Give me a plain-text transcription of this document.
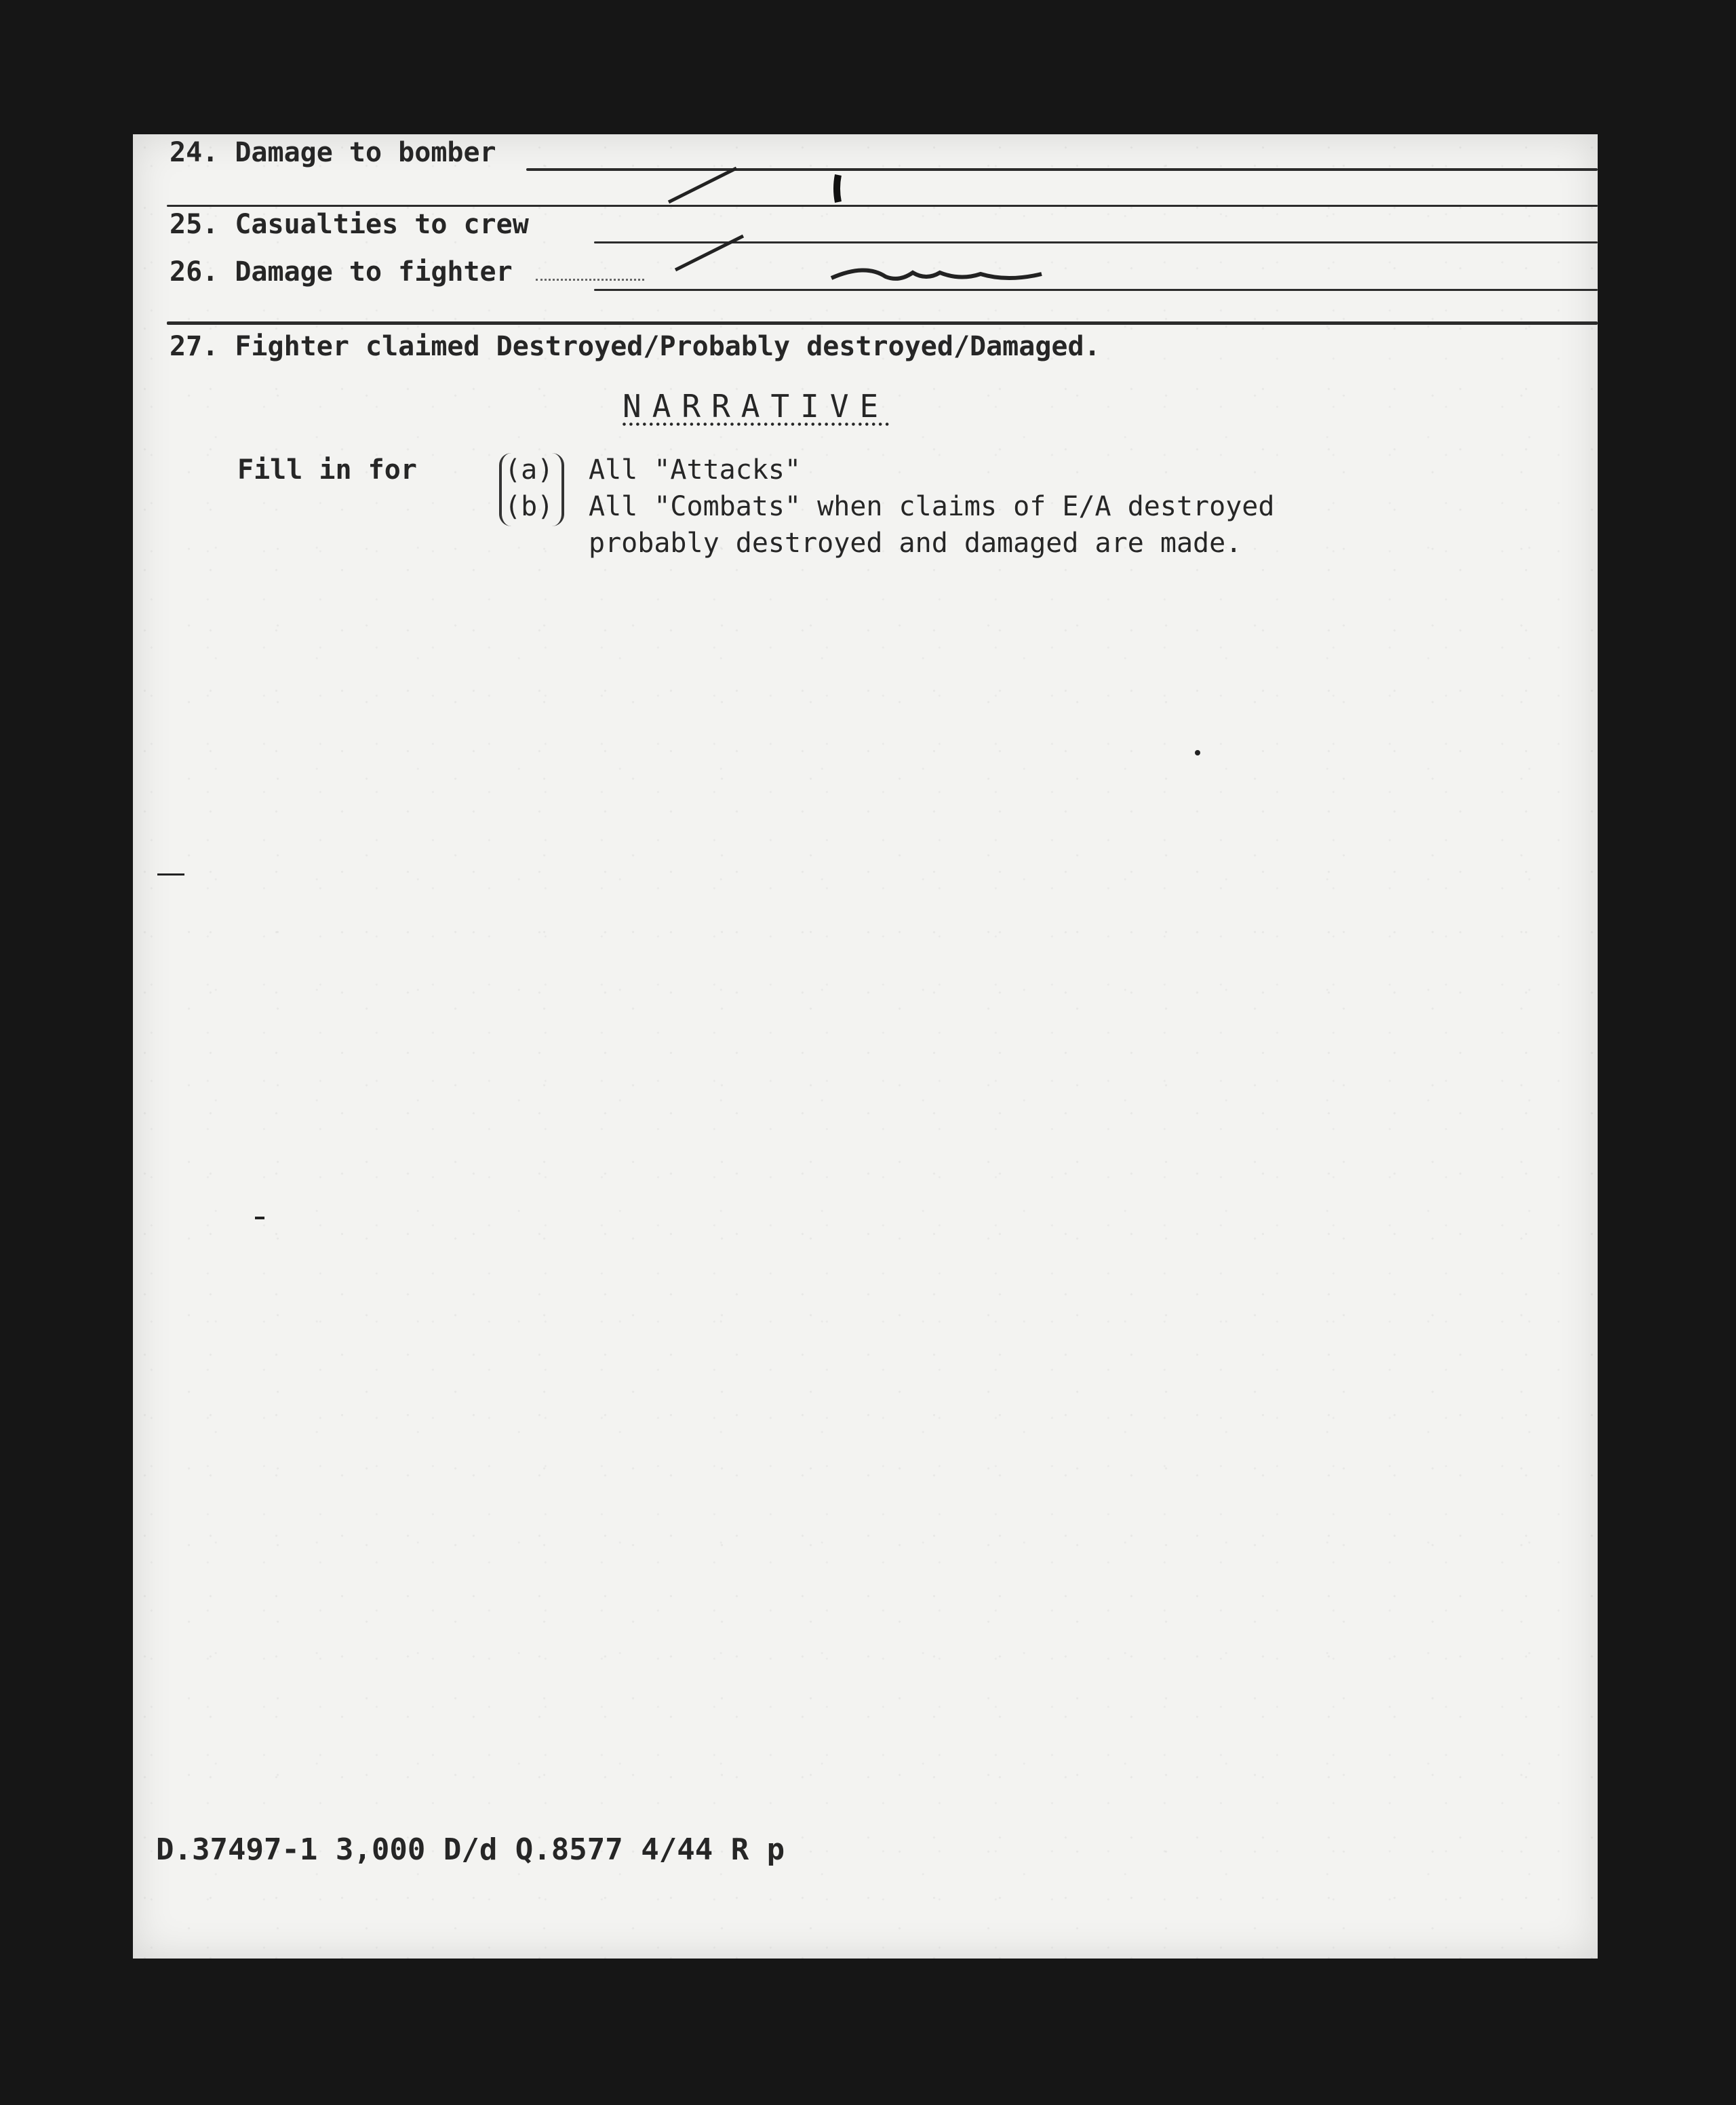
24. Damage to bomber
25. Casualties to crew
26. Damage to fighter
27. Fighter claimed Destroyed/Probably destroyed/Damaged.
NARRATIVE
Fill in for	(a)
(b)
All "Attacks"
All "Combats" when claims of E/A destroyed
probably destroyed and damaged are made.
D.37497-1 3,000 D/d Q.8577 4/44 R p
